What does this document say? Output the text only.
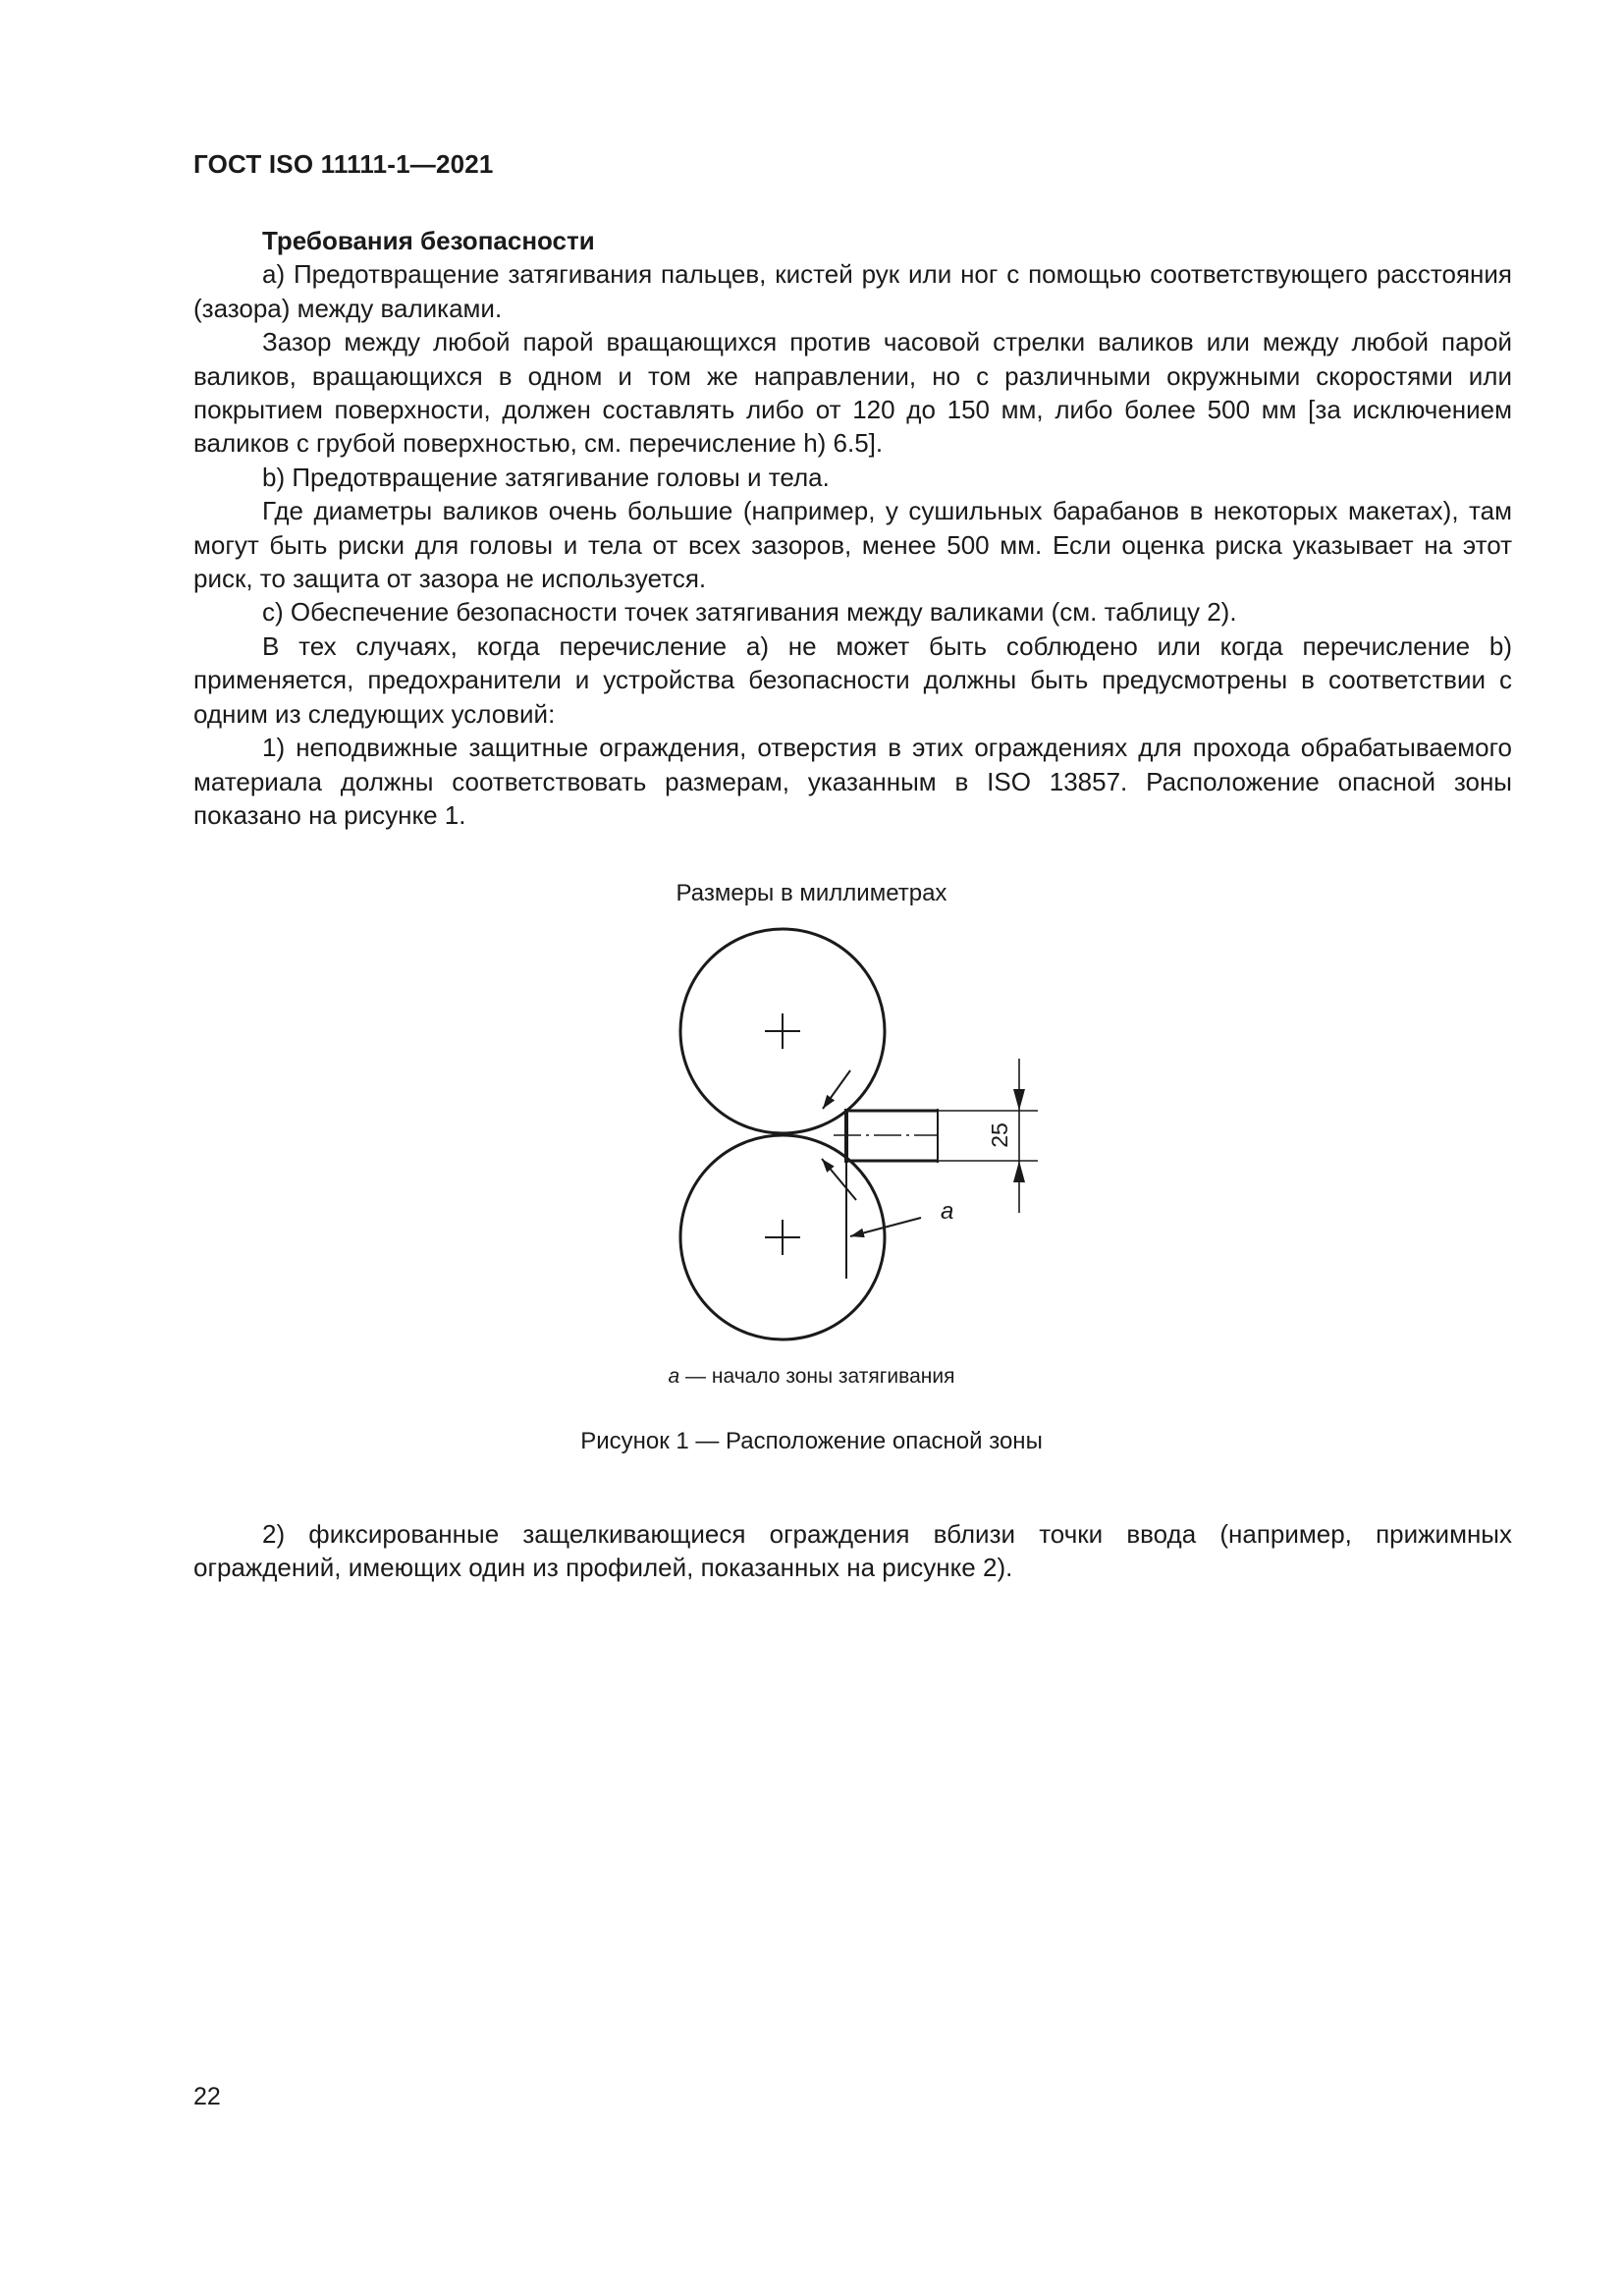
ГОСТ ISO 11111-1—2021

Требования безопасности

a) Предотвращение затягивания пальцев, кистей рук или ног с помощью соответствующего расстояния (зазора) между валиками.

Зазор между любой парой вращающихся против часовой стрелки валиков или между любой парой валиков, вращающихся в одном и том же направлении, но с различными окружными скоростями или покрытием поверхности, должен составлять либо от 120 до 150 мм, либо более 500 мм [за исключением валиков с грубой поверхностью, см. перечисление h) 6.5].

b) Предотвращение затягивание головы и тела.

Где диаметры валиков очень большие (например, у сушильных барабанов в некоторых макетах), там могут быть риски для головы и тела от всех зазоров, менее 500 мм. Если оценка риска указывает на этот риск, то защита от зазора не используется.

c) Обеспечение безопасности точек затягивания между валиками (см. таблицу 2).

В тех случаях, когда перечисление a) не может быть соблюдено или когда перечисление b) применяется, предохранители и устройства безопасности должны быть предусмотрены в соответствии с одним из следующих условий:

1) неподвижные защитные ограждения, отверстия в этих ограждениях для прохода обрабатываемого материала должны соответствовать размерам, указанным в ISO 13857. Расположение опасной зоны показано на рисунке 1.

Размеры в миллиметрах
25
a
a — начало зоны затягивания
Рисунок 1 — Расположение опасной зоны

2) фиксированные защелкивающиеся ограждения вблизи точки ввода (например, прижимных ограждений, имеющих один из профилей, показанных на рисунке 2).

22
